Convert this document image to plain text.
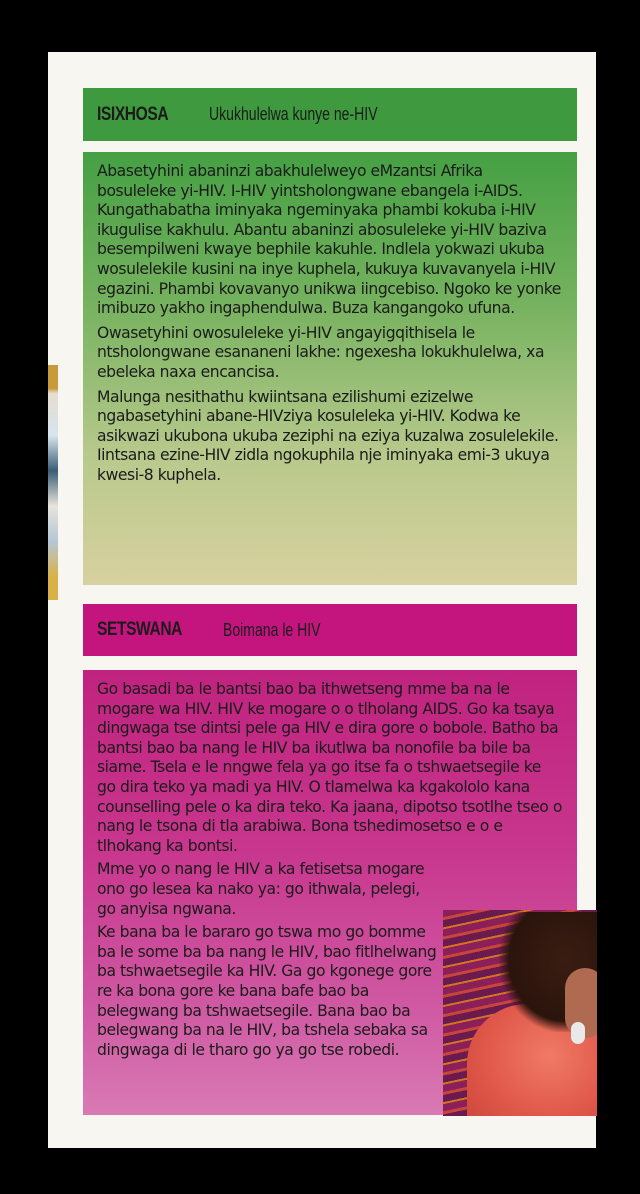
ISIXHOSA	Ukukhulelwa kunye ne-HIV

Abasetyhini abaninzi abakhulelweyo eMzantsi Afrika bosuleleke yi-HIV. I-HIV yintsholongwane ebangela i-AIDS. Kungathabatha iminyaka ngeminyaka phambi kokuba i-HIV ikugulise kakhulu. Abantu abaninzi abosuleleke yi-HIV baziva besempilweni kwaye bephile kakuhle. Indlela yokwazi ukuba wosulelekile kusini na inye kuphela, kukuya kuvavanyela i-HIV egazini. Phambi kovavanyo unikwa iingcebiso. Ngoko ke yonke imibuzo yakho ingaphendulwa. Buza kangangoko ufuna.

Owasetyhini owosuleleke yi-HIV angayigqithisela le ntsholongwane esananeni lakhe: ngexesha lokukhulelwa, xa ebeleka naxa encancisa.

Malunga nesithathu kwiintsana ezilishumi ezizelwe ngabasetyhini abane-HIVziya kosuleleka yi-HIV. Kodwa ke asikwazi ukubona ukuba zeziphi na eziya kuzalwa zosulelekile. Iintsana ezine-HIV zidla ngokuphila nje iminyaka emi-3 ukuya kwesi-8 kuphela.

SETSWANA	Boimana le HIV

Go basadi ba le bantsi bao ba ithwetseng mme ba na le mogare wa HIV. HIV ke mogare o o tlholang AIDS. Go ka tsaya dingwaga tse dintsi pele ga HIV e dira gore o bobole. Batho ba bantsi bao ba nang le HIV ba ikutlwa ba nonofile ba bile ba siame. Tsela e le nngwe fela ya go itse fa o tshwaetsegile ke go dira teko ya madi ya HIV. O tlamelwa ka kgakololo kana counselling pele o ka dira teko. Ka jaana, dipotso tsotlhe tseo o nang le tsona di tla arabiwa. Bona tshedimosetso e o e tlhokang ka bontsi.

Mme yo o nang le HIV a ka fetisetsa mogare ono go lesea ka nako ya: go ithwala, pelegi, go anyisa ngwana.

Ke bana ba le bararo go tswa mo go bomme ba le some ba ba nang le HIV, bao fitlhelwang ba tshwaetsegile ka HIV. Ga go kgonege gore re ka bona gore ke bana bafe bao ba belegwang ba tshwaetsegile. Bana bao ba belegwang ba na le HIV, ba tshela sebaka sa dingwaga di le tharo go ya go tse robedi.
